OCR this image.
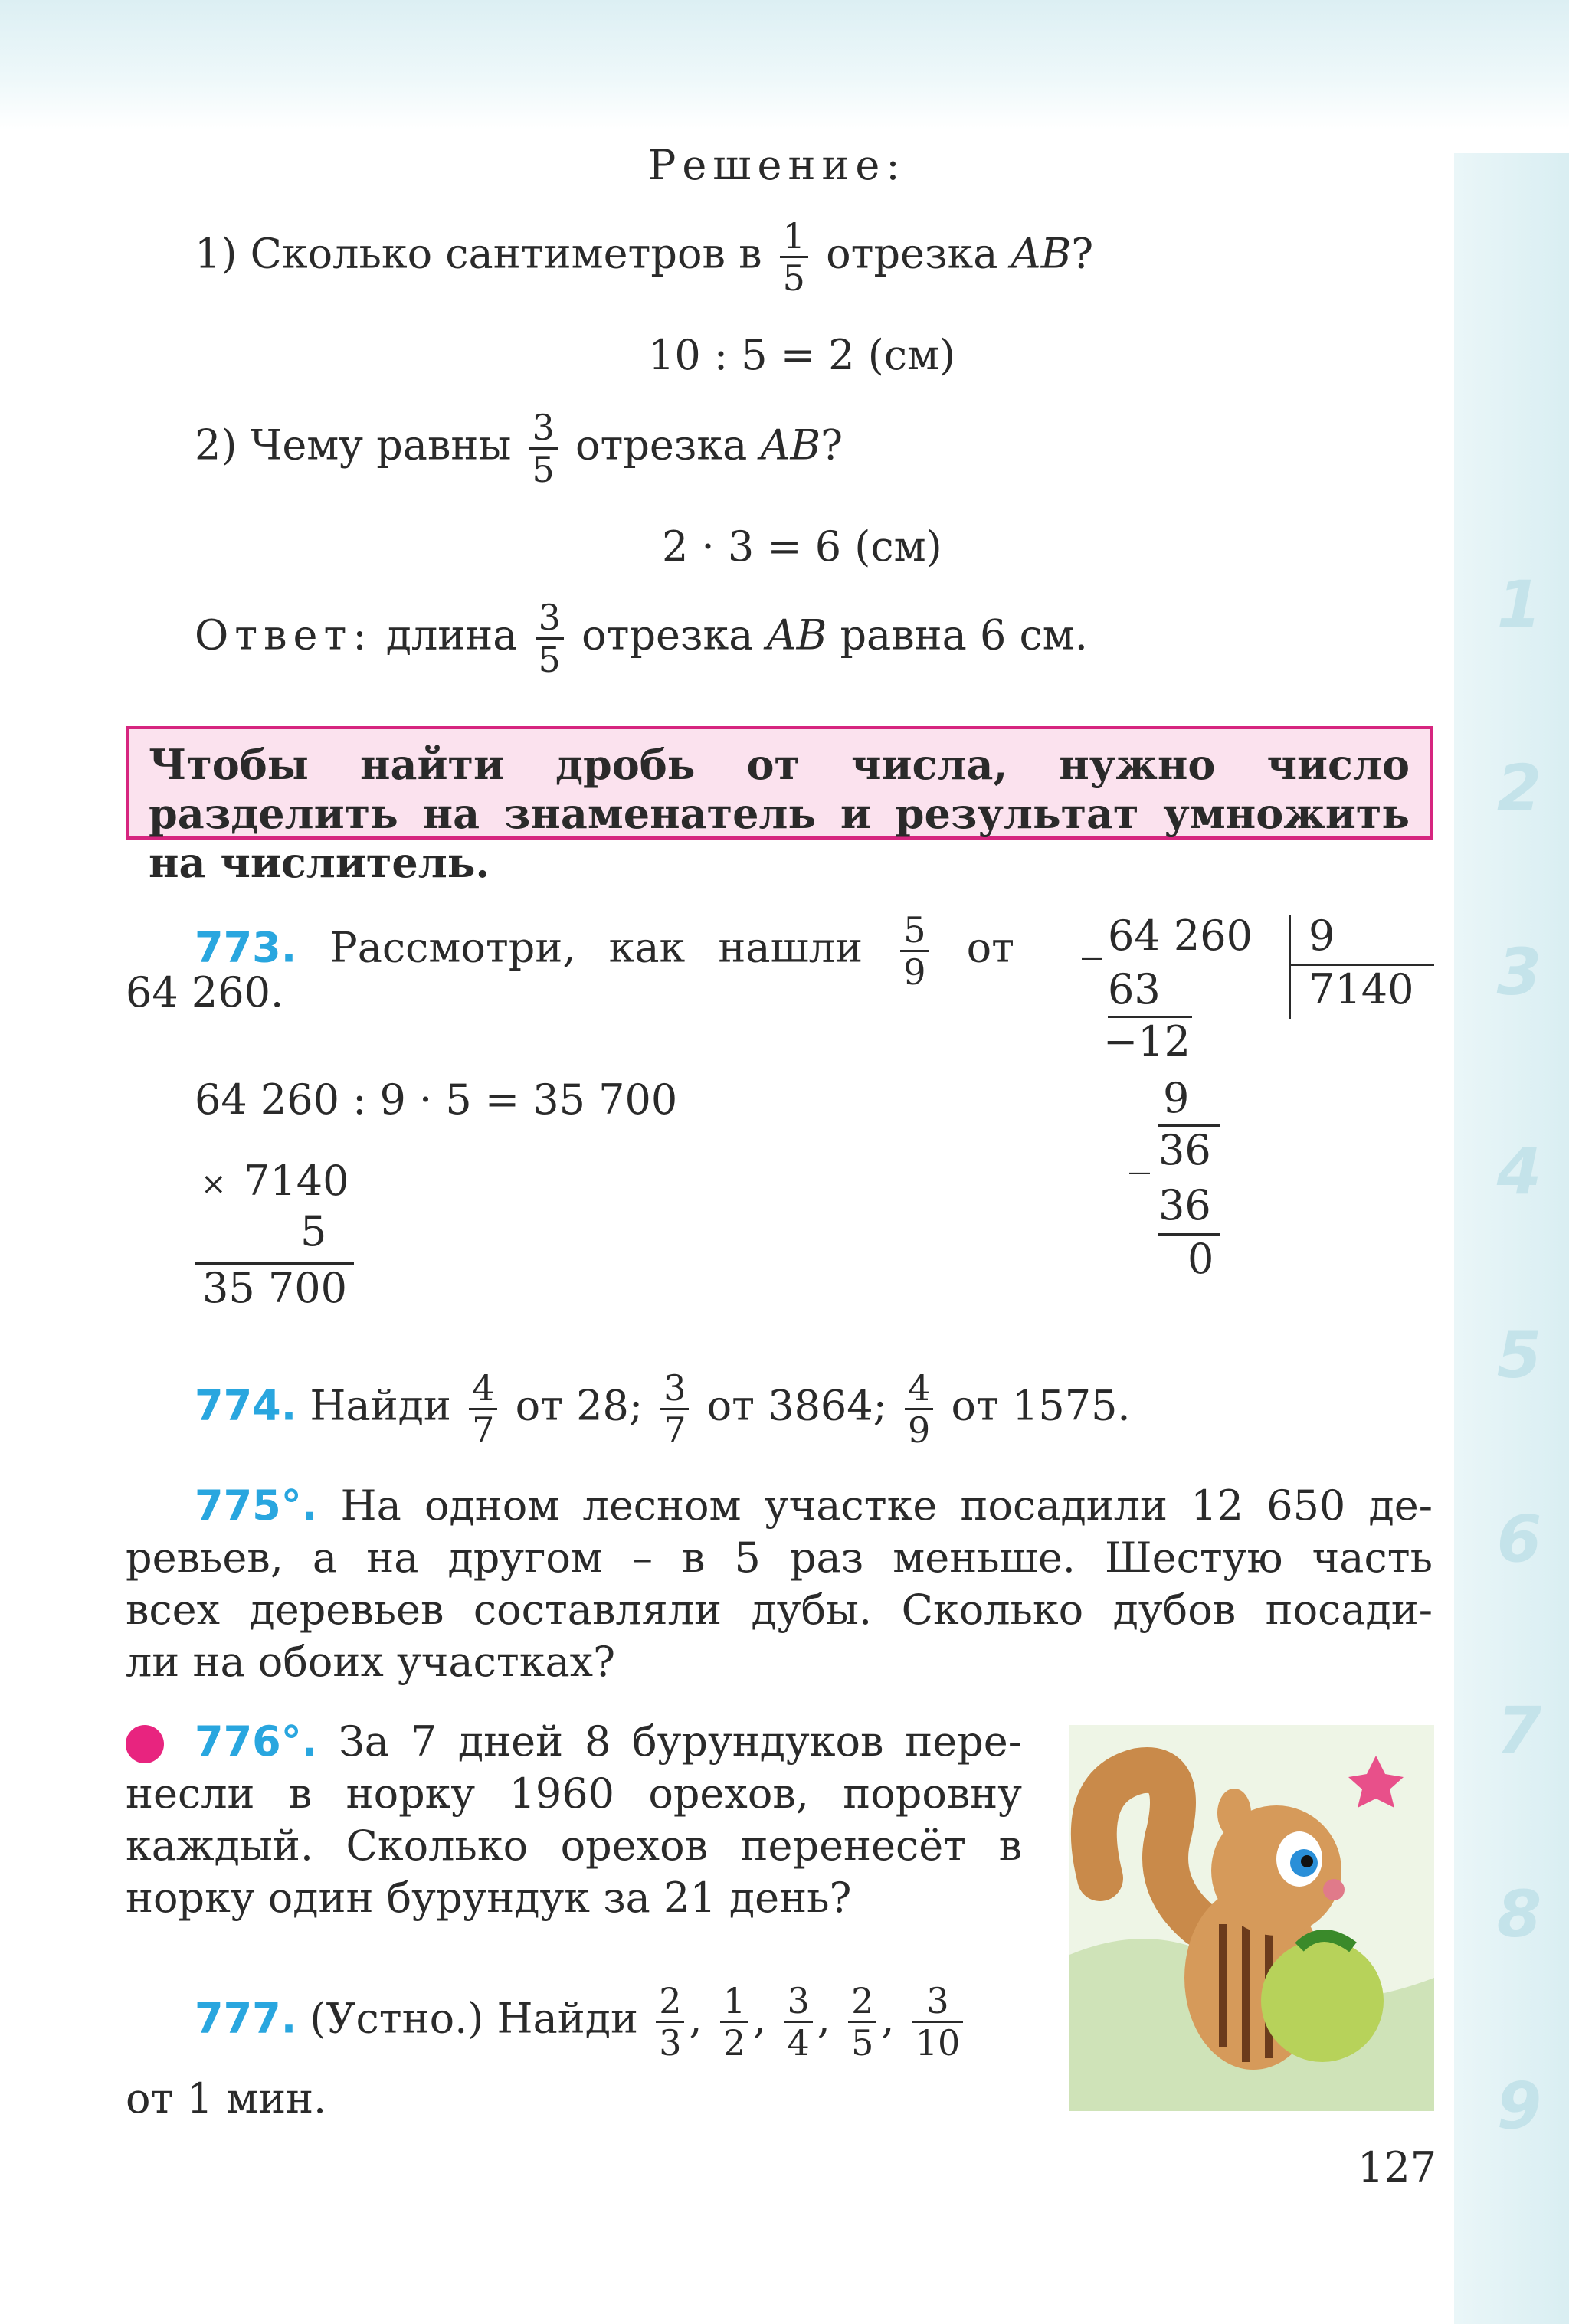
1
2
3
4
5
6
7
8
9
Решение:
1) Сколько сантиметров в $\frac{1}{5}$ отрезка AB?
10 : 5 = 2 (см)
2) Чему равны $\frac{3}{5}$ отрезка AB?
2 · 3 = 6 (см)
Ответ: длина $\frac{3}{5}$ отрезка AB равна 6 см.
Чтобы найти дробь от числа, нужно число разделить на знаменатель и результат умножить на числитель.
773. Рассмотри, как нашли $\frac{5}{9}$ от
64 260.
64 260 : 9 · 5 = 35 700
× 7140
5
35 700
_ 64 260 9
7140
63
−12
9
_ 36
36
0
774. Найди $\frac{4}{7}$ от 28; $\frac{3}{7}$ от 3864; $\frac{4}{9}$ от 1575.
775°. На одном лесном участке посадили 12 650 де-
ревьев, а на другом – в 5 раз меньше. Шестую часть
всех деревьев составляли дубы. Сколько дубов посади-
ли на обоих участках?
776°. За 7 дней 8 бурундуков пере-
несли в норку 1960 орехов, поровну
каждый. Сколько орехов перенесёт в
норку один бурундук за 21 день?
777. (Устно.) Найди $\frac{2}{3}$ , $\frac{1}{2}$ , $\frac{3}{4}$ , $\frac{2}{5}$ , $\frac{3}{10}$
от 1 мин.
127
